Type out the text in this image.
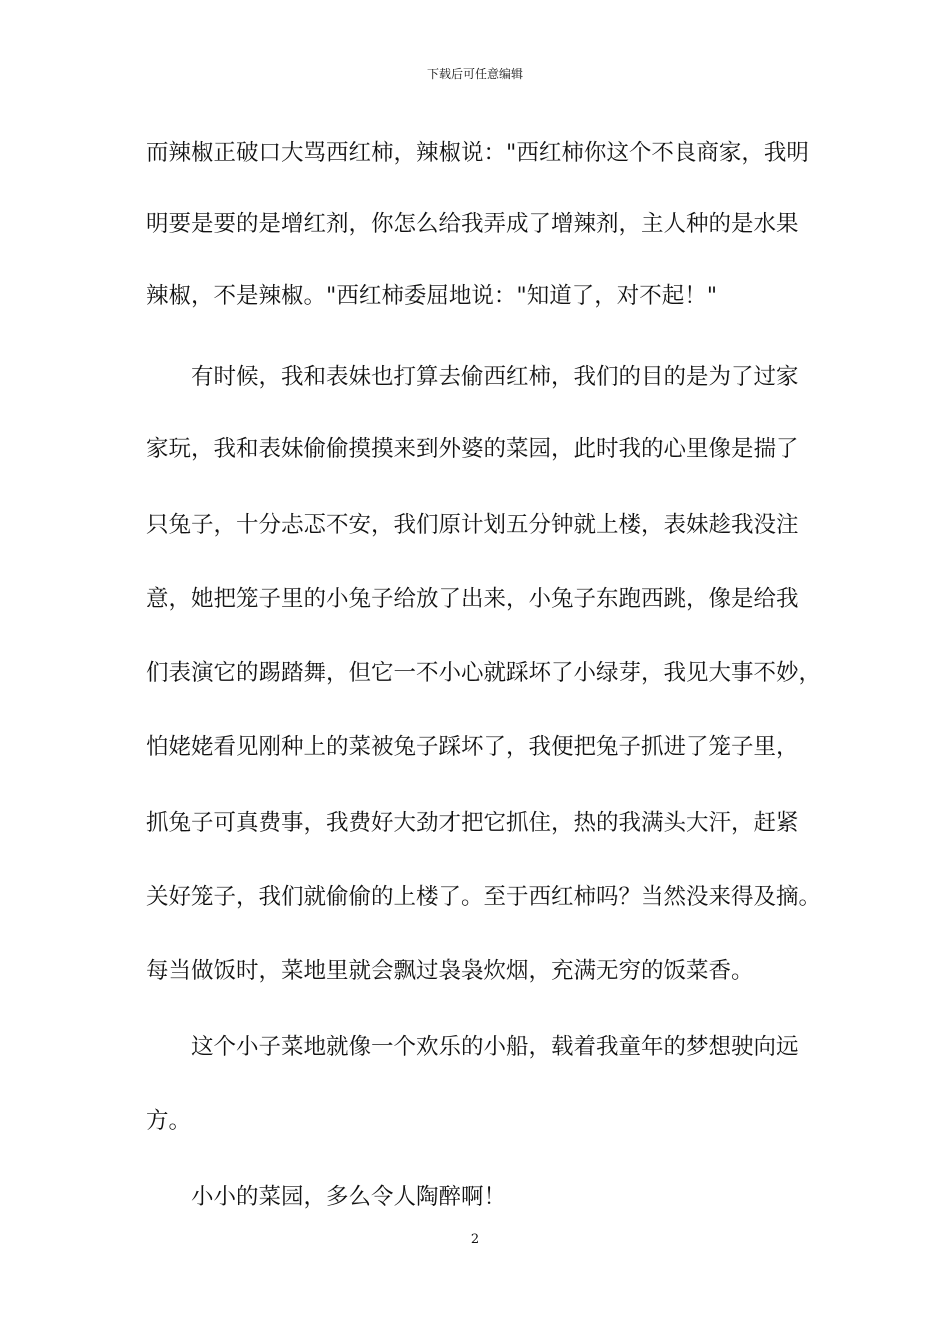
下载后可任意编辑
而辣椒正破口大骂西红柿，辣椒说："西红柿你这个不良商家，我明
明要是要的是增红剂，你怎么给我弄成了增辣剂，主人种的是水果
辣椒，不是辣椒。"西红柿委屈地说："知道了，对不起！"
有时候，我和表妹也打算去偷西红柿，我们的目的是为了过家
家玩，我和表妹偷偷摸摸来到外婆的菜园，此时我的心里像是揣了
只兔子，十分忐忑不安，我们原计划五分钟就上楼，表妹趁我没注
意，她把笼子里的小兔子给放了出来，小兔子东跑西跳，像是给我
们表演它的踢踏舞，但它一不小心就踩坏了小绿芽，我见大事不妙，
怕姥姥看见刚种上的菜被兔子踩坏了，我便把兔子抓进了笼子里，
抓兔子可真费事，我费好大劲才把它抓住，热的我满头大汗，赶紧
关好笼子，我们就偷偷的上楼了。至于西红柿吗？当然没来得及摘。
每当做饭时，菜地里就会飘过袅袅炊烟，充满无穷的饭菜香。
这个小子菜地就像一个欢乐的小船，载着我童年的梦想驶向远
方。
小小的菜园，多么令人陶醉啊！
2
